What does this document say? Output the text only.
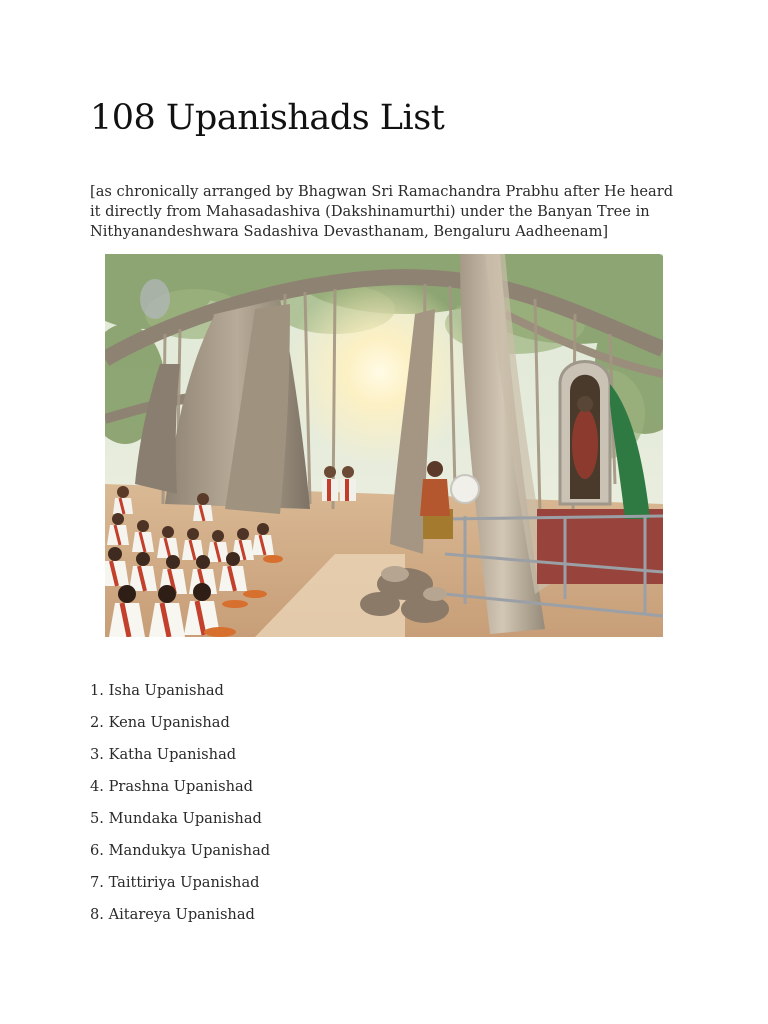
108 Upanishads List

[as chronically arranged by Bhagwan Sri Ramachandra Prabhu after He heard it directly from Mahasadashiva (Dakshinamurthi) under the Banyan Tree in Nithyanandeshwara Sadashiva Devasthanam, Bengaluru Aadheenam]

1. Isha Upanishad
2. Kena Upanishad
3. Katha Upanishad
4. Prashna Upanishad
5. Mundaka Upanishad
6. Mandukya Upanishad
7. Taittiriya Upanishad
8. Aitareya Upanishad
